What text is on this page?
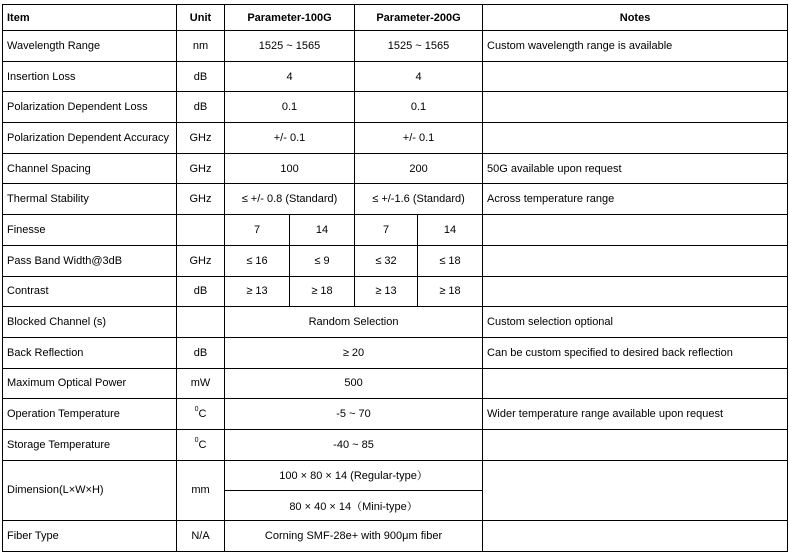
Item	Unit	Parameter-100G		Parameter-200G		Notes
Wavelength Range	nm	1525 ~ 1565		1525 ~ 1565		Custom wavelength range is available
Insertion Loss	dB	4		4		
Polarization Dependent Loss	dB	0.1		0.1		
Polarization Dependent Accuracy	GHz	+/- 0.1		+/- 0.1		
Channel Spacing	GHz	100		200		50G available upon request
Thermal Stability	GHz	≤ +/- 0.8 (Standard)		≤ +/-1.6 (Standard)		Across temperature range
Finesse		7	14	7	14	
Pass Band Width@3dB	GHz	≤ 16	≤ 9	≤ 32	≤ 18	
Contrast	dB	≥ 13	≥ 18	≥ 13	≥ 18	
Blocked Channel (s)		Random Selection				Custom selection optional
Back Reflection	dB	≥ 20				Can be custom specified to desired back reflection
Maximum Optical Power	mW	500				
Operation Temperature	$^0$C	-5 ~ 70				Wider temperature range available upon request
Storage Temperature	$^0$C	-40 ~ 85				
Dimension(L×W×H)	mm	100 × 80 × 14 (Regular-type）				
		80 × 40 × 14（Mini-type）				
Fiber Type	N/A	Corning SMF-28e+ with 900μm fiber				
